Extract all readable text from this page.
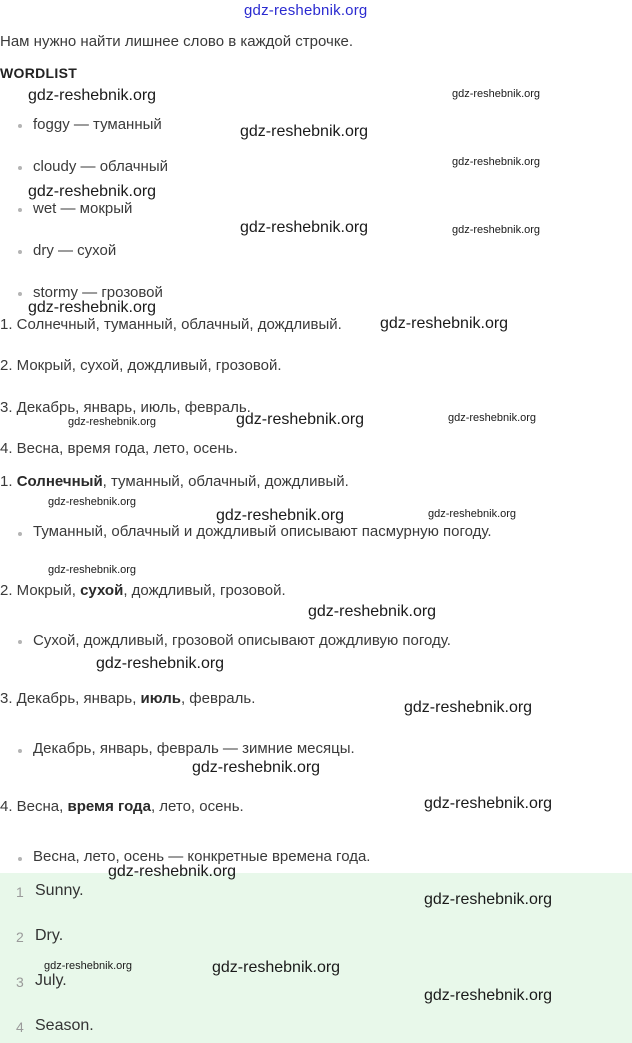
gdz-reshebnik.org
Нам нужно найти лишнее слово в каждой строчке.
WORDLIST
foggy — туманный
cloudy — облачный
wet — мокрый
dry — сухой
stormy — грозовой
1. Солнечный, туманный, облачный, дождливый.
2. Мокрый, сухой, дождливый, грозовой.
3. Декабрь, январь, июль, февраль.
4. Весна, время года, лето, осень.
1. Солнечный, туманный, облачный, дождливый.
Туманный, облачный и дождливый описывают пасмурную погоду.
2. Мокрый, сухой, дождливый, грозовой.
Сухой, дождливый, грозовой описывают дождливую погоду.
3. Декабрь, январь, июль, февраль.
Декабрь, январь, февраль — зимние месяцы.
4. Весна, время года, лето, осень.
Весна, лето, осень — конкретные времена года.
1 Sunny.
2 Dry.
3 July.
4 Season.
gdz-reshebnik.org	gdz-reshebnik.org
gdz-reshebnik.org
gdz-reshebnik.org
gdz-reshebnik.org
gdz-reshebnik.org	gdz-reshebnik.org
gdz-reshebnik.org
gdz-reshebnik.org
gdz-reshebnik.org	gdz-reshebnik.org	gdz-reshebnik.org
gdz-reshebnik.org
gdz-reshebnik.org	gdz-reshebnik.org
gdz-reshebnik.org
gdz-reshebnik.org
gdz-reshebnik.org
gdz-reshebnik.org
gdz-reshebnik.org
gdz-reshebnik.org
gdz-reshebnik.org
gdz-reshebnik.org
gdz-reshebnik.org	gdz-reshebnik.org
gdz-reshebnik.org
